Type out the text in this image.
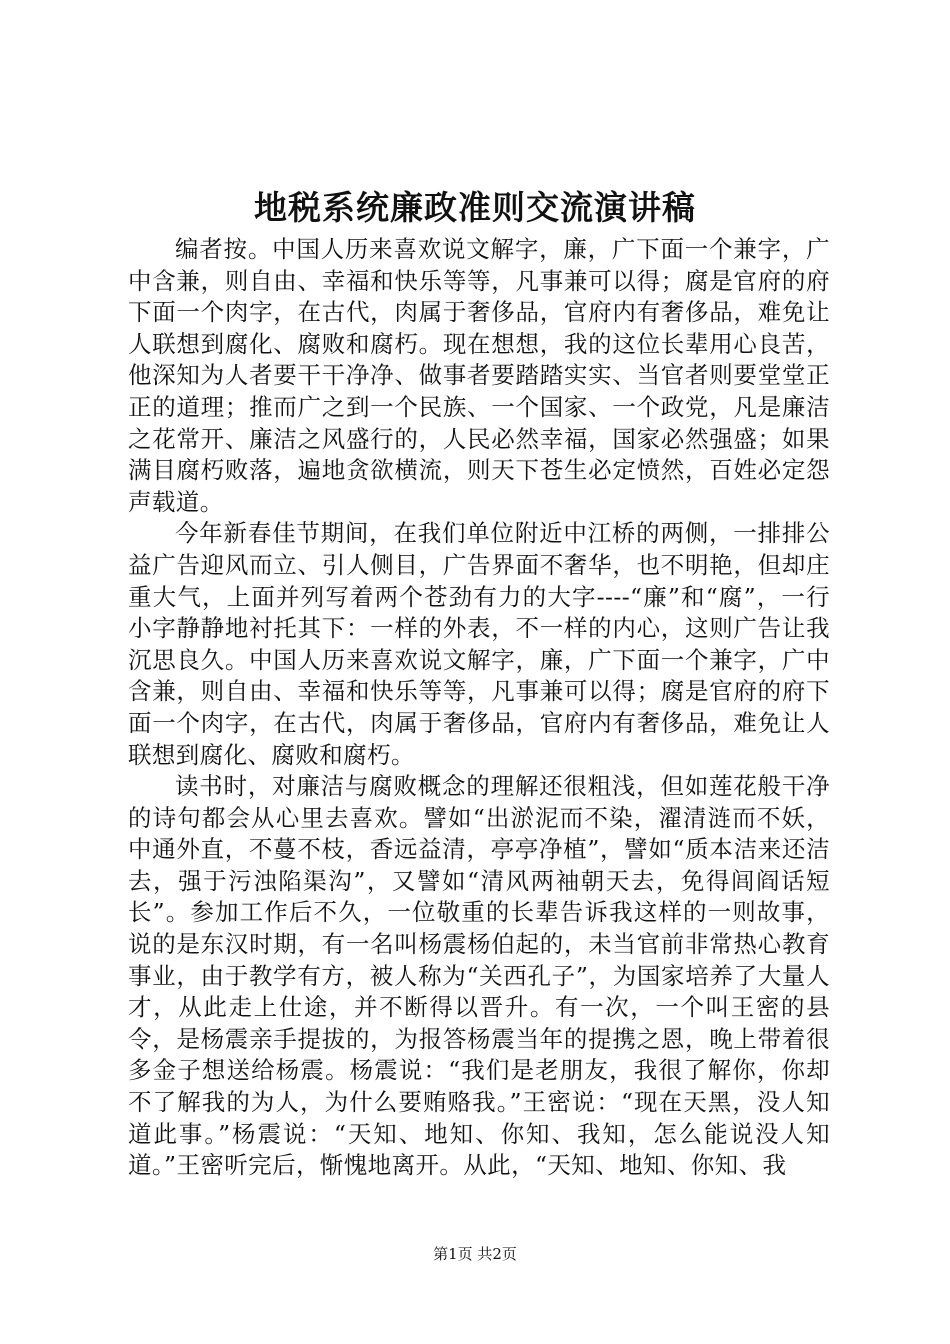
地税系统廉政准则交流演讲稿

编者按。中国人历来喜欢说文解字，廉，广下面一个兼字，广中含兼，则自由、幸福和快乐等等，凡事兼可以得；腐是官府的府下面一个肉字，在古代，肉属于奢侈品，官府内有奢侈品，难免让人联想到腐化、腐败和腐朽。现在想想，我的这位长辈用心良苦，他深知为人者要干干净净、做事者要踏踏实实、当官者则要堂堂正正的道理；推而广之到一个民族、一个国家、一个政党，凡是廉洁之花常开、廉洁之风盛行的，人民必然幸福，国家必然强盛；如果满目腐朽败落，遍地贪欲横流，则天下苍生必定愤然，百姓必定怨声载道。

今年新春佳节期间，在我们单位附近中江桥的两侧，一排排公益广告迎风而立、引人侧目，广告界面不奢华，也不明艳，但却庄重大气，上面并列写着两个苍劲有力的大字----“廉”和“腐”，一行小字静静地衬托其下：一样的外表，不一样的内心，这则广告让我沉思良久。中国人历来喜欢说文解字，廉，广下面一个兼字，广中含兼，则自由、幸福和快乐等等，凡事兼可以得；腐是官府的府下面一个肉字，在古代，肉属于奢侈品，官府内有奢侈品，难免让人联想到腐化、腐败和腐朽。

读书时，对廉洁与腐败概念的理解还很粗浅，但如莲花般干净的诗句都会从心里去喜欢。譬如“出淤泥而不染，濯清涟而不妖，中通外直，不蔓不枝，香远益清，亭亭净植”，譬如“质本洁来还洁去，强于污浊陷渠沟”，又譬如“清风两袖朝天去，免得闾阎话短长”。参加工作后不久，一位敬重的长辈告诉我这样的一则故事，说的是东汉时期，有一名叫杨震杨伯起的，未当官前非常热心教育事业，由于教学有方，被人称为“关西孔子”，为国家培养了大量人才，从此走上仕途，并不断得以晋升。有一次，一个叫王密的县令，是杨震亲手提拔的，为报答杨震当年的提携之恩，晚上带着很多金子想送给杨震。杨震说：“我们是老朋友，我很了解你，你却不了解我的为人，为什么要贿赂我。”王密说：“现在天黑，没人知道此事。”杨震说：“天知、地知、你知、我知，怎么能说没人知道。”王密听完后，惭愧地离开。从此，“天知、地知、你知、我

第1页 共2页
